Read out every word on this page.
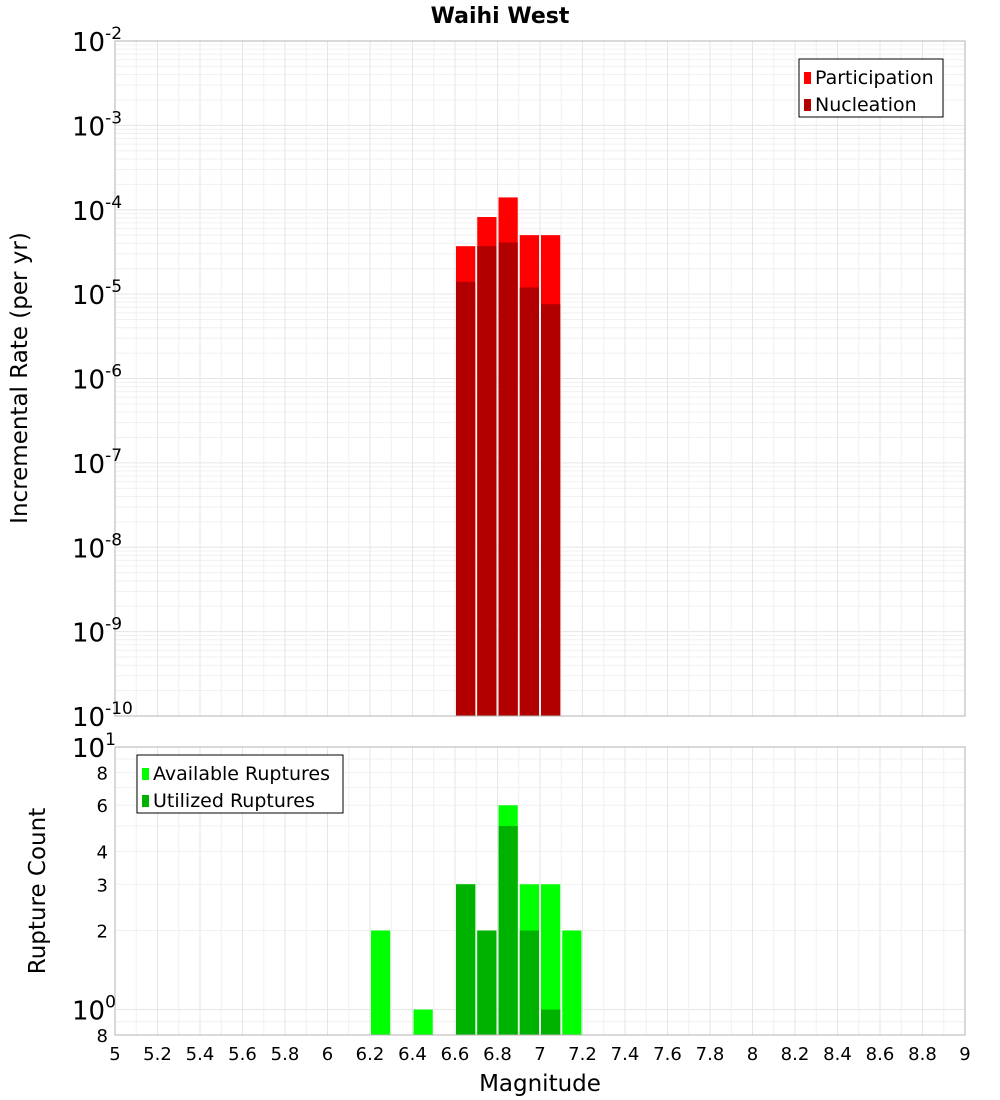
Waihi West
$10^{-10}$
$10^{-9}$
$10^{-8}$
$10^{-7}$
$10^{-6}$
$10^{-5}$
$10^{-4}$
$10^{-3}$
$10^{-2}$
Participation
Nucleation
8
$10^0$
2
3
4
6
8
$10^1$
5 5.2 5.4 5.6 5.8 6 6.2 6.4 6.6 6.8 7 7.2 7.4 7.6 7.8 8 8.2 8.4 8.6 8.8 9
Available Ruptures
Utilized Ruptures
Incremental Rate (per yr)
Rupture Count
Magnitude
